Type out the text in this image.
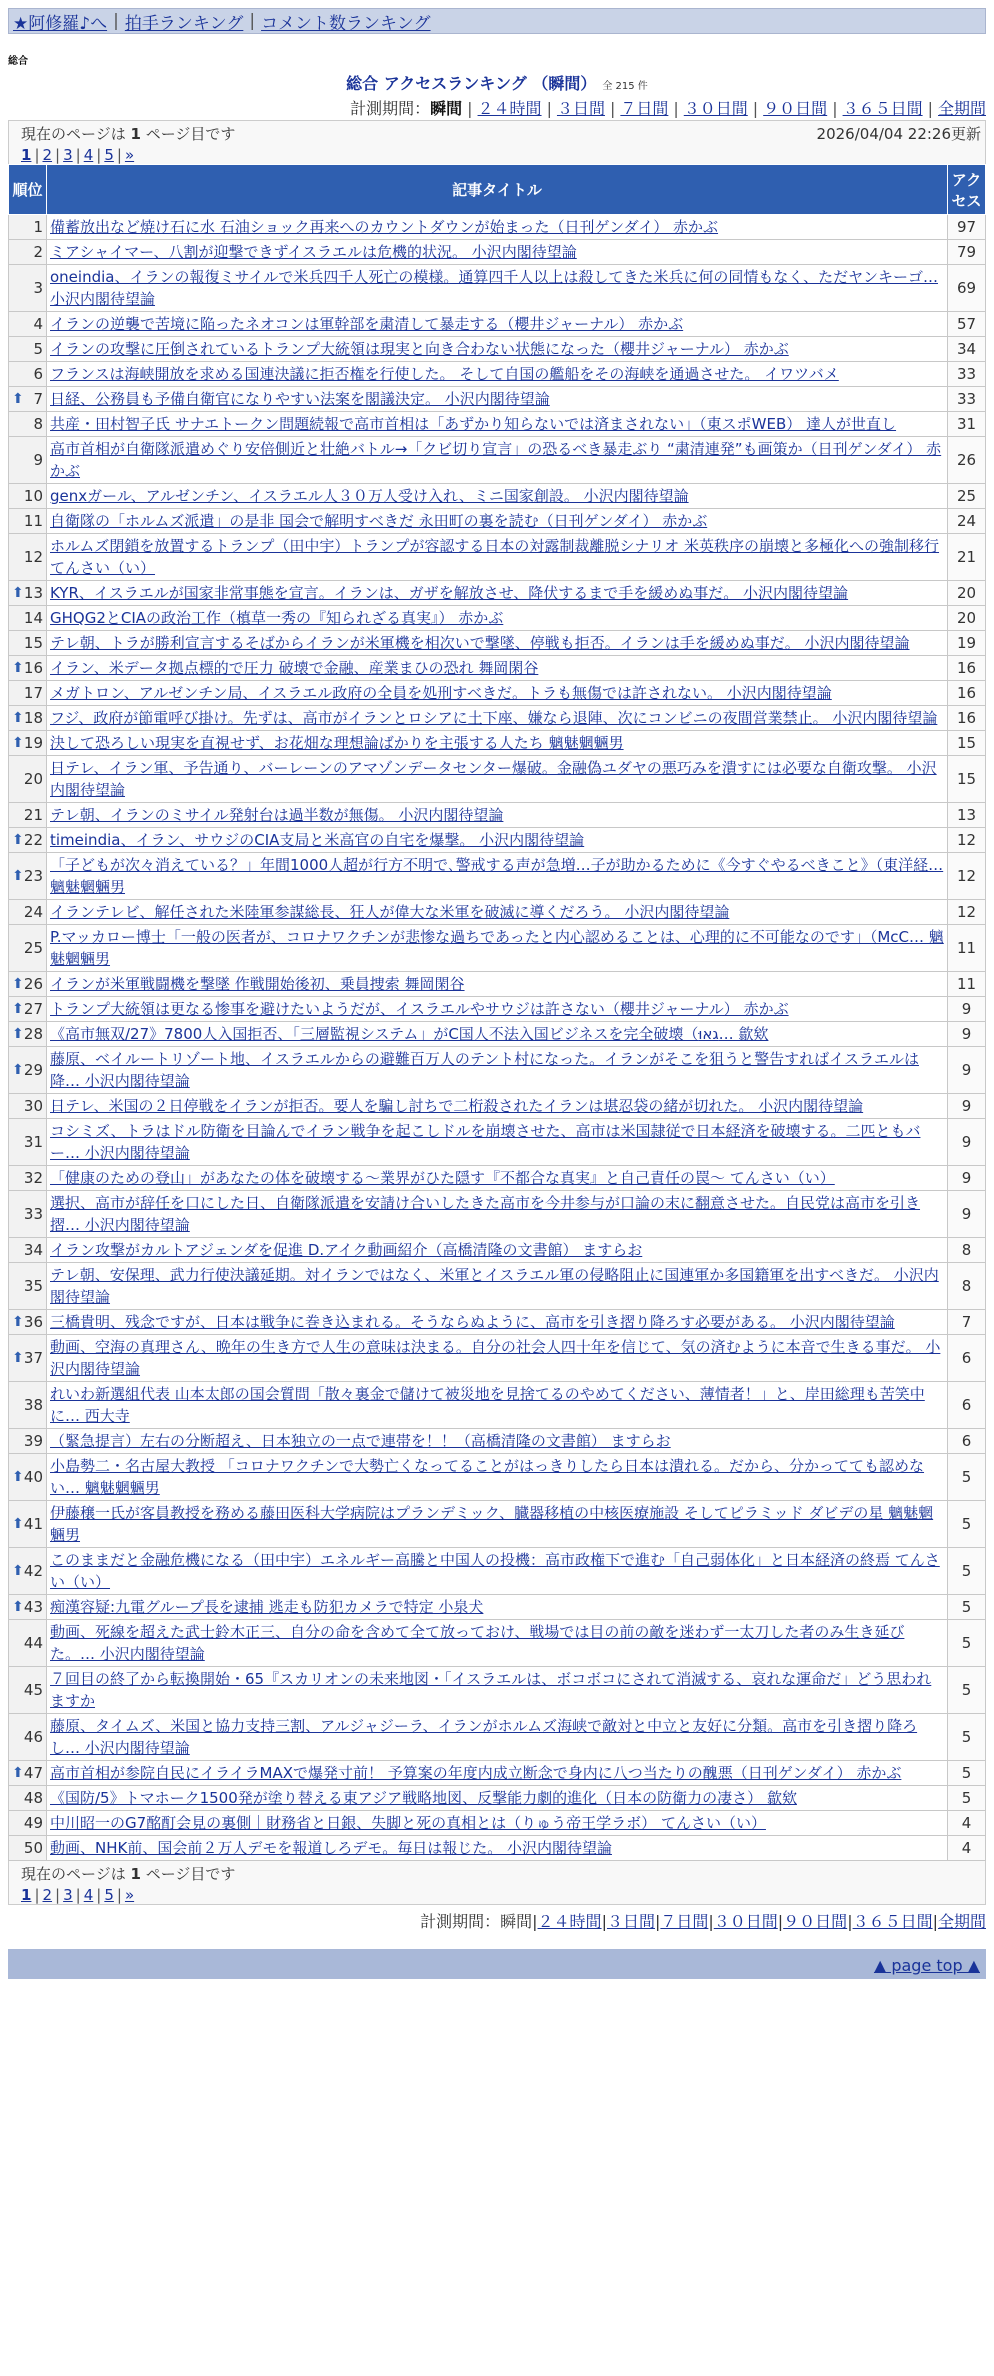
★阿修羅♪へ | 拍手ランキング | コメント数ランキング
総合
総合 アクセスランキング （瞬間） 全 215 件
計測期間：瞬間 | ２４時間 | ３日間 | ７日間 | ３０日間 | ９０日間 | ３６５日間 | 全期間
現在のページは 1 ページ目です	2026/04/04 22:26更新
1 | 2 | 3 | 4 | 5 | »
順位	記事タイトル	アクセス
1	備蓄放出など焼け石に水 石油ショック再来へのカウントダウンが始まった（日刊ゲンダイ） 赤かぶ	97
2	ミアシャイマー、八割が迎撃できずイスラエルは危機的状況。 小沢内閣待望論	79
3	oneindia、イランの報復ミサイルで米兵四千人死亡の模様。通算四千人以上は殺してきた米兵に何の同情もなく、ただヤンキーゴ… 小沢内閣待望論	69
4	イランの逆襲で苦境に陥ったネオコンは軍幹部を粛清して暴走する（櫻井ジャーナル） 赤かぶ	57
5	イランの攻撃に圧倒されているトランプ大統領は現実と向き合わない状態になった（櫻井ジャーナル） 赤かぶ	34
6	フランスは海峡開放を求める国連決議に拒否権を行使した。 そして自国の艦船をその海峡を通過させた。 イワツバメ	33

⬆ 7	日経、公務員も予備自衛官になりやすい法案を閣議決定。 小沢内閣待望論	33
8	共産・田村智子氏 サナエトークン問題続報で高市首相は「あずかり知らないでは済まされない」（東スポWEB） 達人が世直し	31
9	高市首相が自衛隊派遣めぐり安倍側近と壮絶バトル→「クビ切り宣言」の恐るべき暴走ぶり “粛清連発”も画策か（日刊ゲンダイ） 赤かぶ	26
10	genxガール、アルゼンチン、イスラエル人３０万人受け入れ、ミニ国家創設。 小沢内閣待望論	25
11	自衛隊の「ホルムズ派遣」の是非 国会で解明すべきだ 永田町の裏を読む（日刊ゲンダイ） 赤かぶ	24
12	ホルムズ閉鎖を放置するトランプ（田中宇）トランプが容認する日本の対露制裁離脱シナリオ 米英秩序の崩壊と多極化への強制移行 てんさい（い）	21

⬆ 13	KYR、イスラエルが国家非常事態を宣言。イランは、ガザを解放させ、降伏するまで手を緩めぬ事だ。 小沢内閣待望論	20
14	GHQG2とCIAの政治工作（槙草一秀の『知られざる真実』） 赤かぶ	20
15	テレ朝、トラが勝利宣言するそばからイランが米軍機を相次いで撃墜、停戦も拒否。イランは手を緩めぬ事だ。 小沢内閣待望論	19

⬆ 16	イラン、米データ拠点標的で圧力 破壊で金融、産業まひの恐れ 舞岡閑谷	16
17	メガトロン、アルゼンチン局、イスラエル政府の全員を処刑すべきだ。トラも無傷では許されない。 小沢内閣待望論	16

⬆ 18	フジ、政府が節電呼び掛け。先ずは、高市がイランとロシアに土下座、嫌なら退陣、次にコンビニの夜間営業禁止。 小沢内閣待望論	16

⬆ 19	決して恐ろしい現実を直視せず、お花畑な理想論ばかりを主張する人たち 魑魅魍魎男	15
20	日テレ、イラン軍、予告通り、バーレーンのアマゾンデータセンター爆破。金融偽ユダヤの悪巧みを潰すには必要な自衛攻撃。 小沢内閣待望論	15
21	テレ朝、イランのミサイル発射台は過半数が無傷。 小沢内閣待望論	13

⬆ 22	timeindia、イラン、サウジのCIA支局と米高官の自宅を爆撃。 小沢内閣待望論	12

⬆ 23	「子どもが次々消えている？」年間1000人超が行方不明で､警戒する声が急増…子が助かるために《今すぐやるべきこと》（東洋経… 魑魅魍魎男	12
24	イランテレビ、解任された米陸軍参謀総長、狂人が偉大な米軍を破滅に導くだろう。 小沢内閣待望論	12
25	P.マッカロー博士「一般の医者が、コロナワクチンが悲惨な過ちであったと内心認めることは、心理的に不可能なのです」（McC… 魑魅魍魎男	11

⬆ 26	イランが米軍戦闘機を撃墜 作戦開始後初、乗員捜索 舞岡閑谷	11

⬆ 27	トランプ大統領は更なる惨事を避けたいようだが、イスラエルやサウジは許さない（櫻井ジャーナル） 赤かぶ	9

⬆ 28	《高市無双/27》7800人入国拒否、「三層監視システム」がC国人不法入国ビジネスを完全破壊（גאוּ… 歙欸	9

⬆ 29	藤原、ベイルートリゾート地、イスラエルからの避難百万人のテント村になった。イランがそこを狙うと警告すればイスラエルは降… 小沢内閣待望論	9
30	日テレ、米国の２日停戦をイランが拒否。要人を騙し討ちで二桁殺されたイランは堪忍袋の緒が切れた。 小沢内閣待望論	9
31	コシミズ、トラはドル防衛を目論んでイラン戦争を起こしドルを崩壊させた、高市は米国隷従で日本経済を破壊する。二匹ともバー… 小沢内閣待望論	9
32	「健康のための登山」があなたの体を破壊する〜業界がひた隠す『不都合な真実』と自己責任の罠〜 てんさい（い）	9
33	選択、高市が辞任を口にした日、自衛隊派遣を安請け合いしたきた高市を今井参与が口論の末に翻意させた。自民党は高市を引き摺… 小沢内閣待望論	9
34	イラン攻撃がカルトアジェンダを促進 D.アイク動画紹介（高橋清隆の文書館） ますらお	8
35	テレ朝、安保理、武力行使決議延期。対イランではなく、米軍とイスラエル軍の侵略阻止に国連軍か多国籍軍を出すべきだ。 小沢内閣待望論	8

⬆ 36	三橋貴明、残念ですが、日本は戦争に巻き込まれる。そうならぬように、高市を引き摺り降ろす必要がある。 小沢内閣待望論	7

⬆ 37	動画、空海の真理さん、晩年の生き方で人生の意味は決まる。自分の社会人四十年を信じて、気の済むように本音で生きる事だ。 小沢内閣待望論	6
38	れいわ新選組代表 山本太郎の国会質問「散々裏金で儲けて被災地を見捨てるのやめてください、薄情者！」と、岸田総理も苦笑中に… 西大寺	6
39	（緊急提言）左右の分断超え、日本独立の一点で連帯を！！（高橋清隆の文書館） ますらお	6

⬆ 40	小島勢二・名古屋大教授 「コロナワクチンで大勢亡くなってることがはっきりしたら日本は潰れる。だから、分かってても認めない… 魑魅魍魎男	5

⬆ 41	伊藤穣一氏が客員教授を務める藤田医科大学病院はプランデミック、臓器移植の中核医療施設 そしてピラミッド ダビデの星 魑魅魍魎男	5

⬆ 42	このままだと金融危機になる（田中宇）エネルギー高騰と中国人の投機：高市政権下で進む「自己弱体化」と日本経済の終焉 てんさい（い）	5

⬆ 43	痴漢容疑:九電グループ長を逮捕 逃走も防犯カメラで特定 小泉犬	5
44	動画、死線を超えた武士鈴木正三、自分の命を含めて全て放っておけ、戦場では目の前の敵を迷わず一太刀した者のみ生き延びた。… 小沢内閣待望論	5
45	７回目の終了から転換開始・65『スカリオンの未来地図・「イスラエルは、ボコボコにされて消滅する、哀れな運命だ」どう思われますか	5
46	藤原、タイムズ、米国と協力支持三割、アルジャジーラ、イランがホルムズ海峡で敵対と中立と友好に分類。高市を引き摺り降ろし… 小沢内閣待望論	5

⬆ 47	高市首相が参院自民にイライラMAXで爆発寸前！ 予算案の年度内成立断念で身内に八つ当たりの醜悪（日刊ゲンダイ） 赤かぶ	5
48	《国防/5》トマホーク1500発が塗り替える東アジア戦略地図、反撃能力劇的進化（日本の防衛力の凄さ） 歙欸	5
49	中川昭一のG7酩酊会見の裏側｜財務省と日銀、失脚と死の真相とは（りゅう帝王学ラボ） てんさい（い）	4
50	動画、NHK前、国会前２万人デモを報道しろデモ。毎日は報じた。 小沢内閣待望論	4
現在のページは 1 ページ目です
1 | 2 | 3 | 4 | 5 | »
計測期間：瞬間|２４時間|３日間|７日間|３０日間|９０日間|３６５日間|全期間
▲ page top ▲
